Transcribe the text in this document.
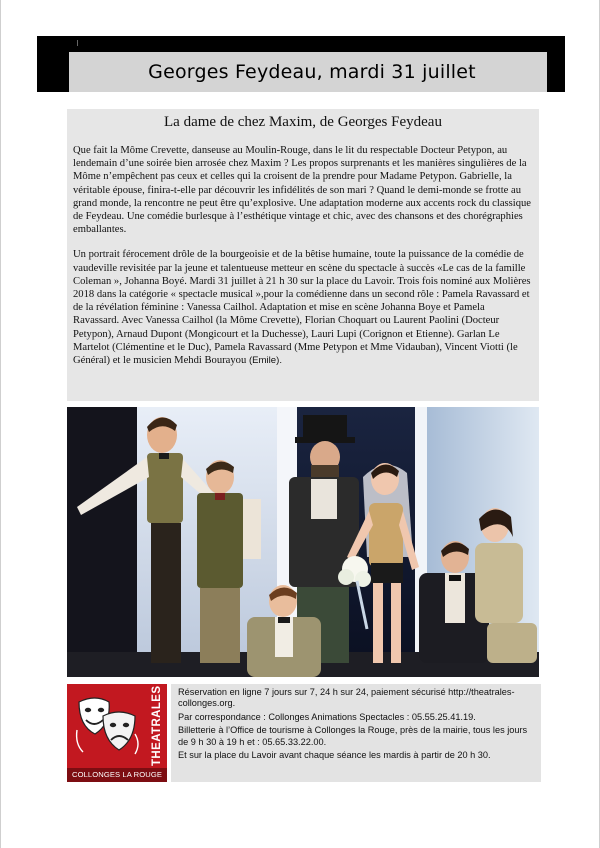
Georges Feydeau, mardi 31 juillet
La dame de chez Maxim, de Georges Feydeau

Que fait la Môme Crevette, danseuse au Moulin-Rouge, dans le lit du respectable Docteur Petypon, au lendemain d’une soirée bien arrosée chez Maxim ? Les propos surprenants et les manières singulières de la Môme n’empêchent pas ceux et celles qui la croisent de la prendre pour Madame Petypon. Gabrielle, la véritable épouse, finira-t-elle par découvrir les infidélités de son mari ? Quand le demi-monde se frotte au grand monde, la rencontre ne peut être qu’explosive. Une adaptation moderne aux accents rock du classique de Feydeau. Une comédie burlesque à l’esthétique vintage et chic, avec des chansons et des chorégraphies emballantes.

Un portrait férocement drôle de la bourgeoisie et de la bêtise humaine, toute la puissance de la comédie de vaudeville revisitée par la jeune et talentueuse metteur en scène du spectacle à succès «Le cas de la famille Coleman », Johanna Boyé. Mardi 31 juillet à 21 h 30 sur la place du Lavoir. Trois fois nominé aux Molières 2018 dans la catégorie « spectacle musical »,pour la comédienne dans un second rôle : Pamela Ravassard et de la révélation féminine : Vanessa Cailhol. Adaptation et mise en scène Johanna Boye et Pamela Ravassard. Avec Vanessa Cailhol (la Môme Crevette), Florian Choquart ou Laurent Paolini (Docteur Petypon), Arnaud Dupont (Mongicourt et la Duchesse), Lauri Lupi (Corignon et Etienne). Garlan Le Martelot (Clémentine et le Duc), Pamela Ravassard (Mme Petypon et Mme Vidauban), Vincent Viotti (le Général) et le musicien Mehdi Bourayou (Emile).

THEATRALES
COLLONGES LA ROUGE
Réservation en ligne 7 jours sur 7, 24 h sur 24, paiement sécurisé http://theatrales-collonges.org.
Par correspondance : Collonges Animations Spectacles : 05.55.25.41.19.
Billetterie à l’Office de tourisme à Collonges la Rouge, près de la mairie, tous les jours de 9 h 30 à 19 h et : 05.65.33.22.00.
Et sur la place du Lavoir avant chaque séance les mardis à partir de 20 h 30.
